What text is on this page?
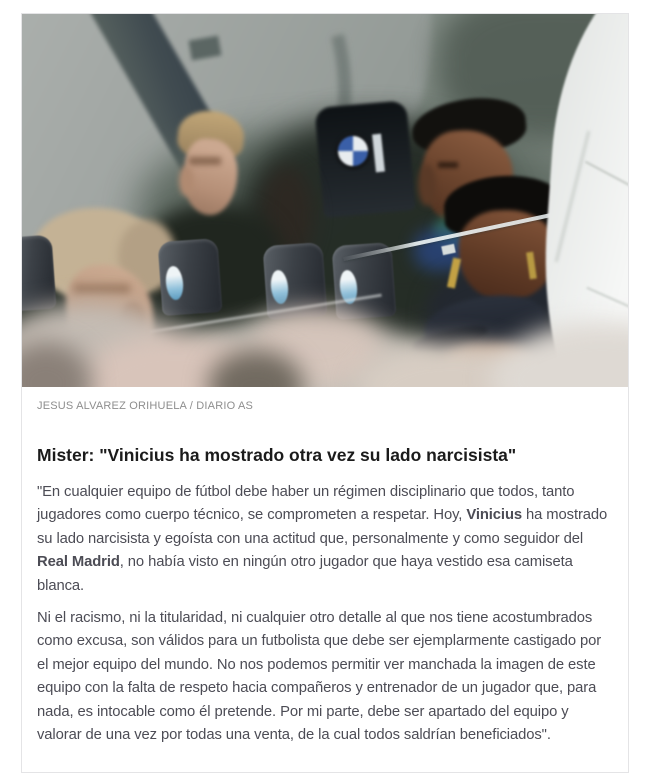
JESUS ALVAREZ ORIHUELA / DIARIO AS
Mister: "Vinicius ha mostrado otra vez su lado narcisista"

"En cualquier equipo de fútbol debe haber un régimen disciplinario que todos, tanto jugadores como cuerpo técnico, se comprometen a respetar. Hoy, Vinicius ha mostrado su lado narcisista y egoísta con una actitud que, personalmente y como seguidor del Real Madrid, no había visto en ningún otro jugador que haya vestido esa camiseta blanca.

Ni el racismo, ni la titularidad, ni cualquier otro detalle al que nos tiene acostumbrados como excusa, son válidos para un futbolista que debe ser ejemplarmente castigado por el mejor equipo del mundo. No nos podemos permitir ver manchada la imagen de este equipo con la falta de respeto hacia compañeros y entrenador de un jugador que, para nada, es intocable como él pretende. Por mi parte, debe ser apartado del equipo y valorar de una vez por todas una venta, de la cual todos saldrían beneficiados".
